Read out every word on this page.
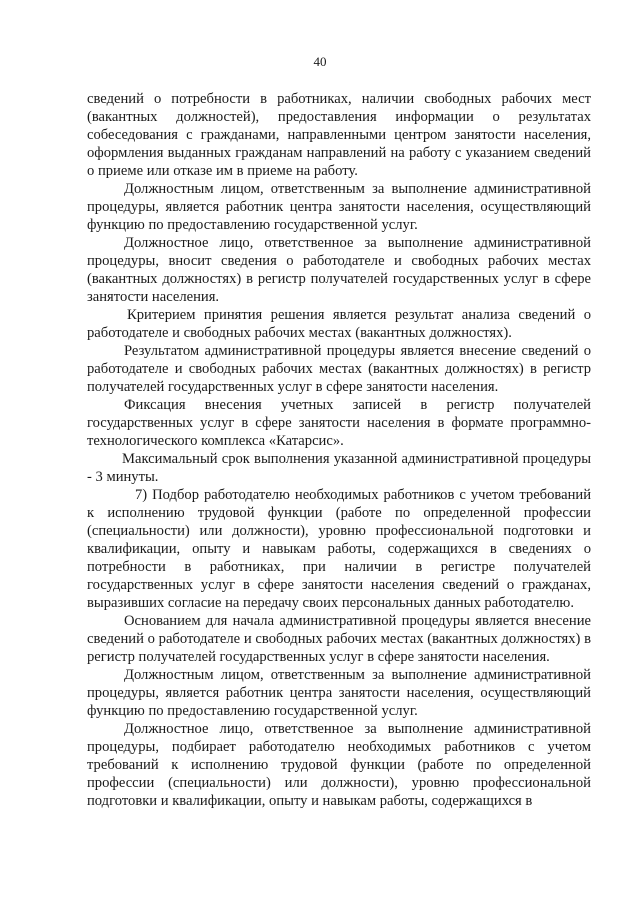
40

сведений о потребности в работниках, наличии свободных рабочих мест (вакантных должностей), предоставления информации о результатах собеседования с гражданами, направленными центром занятости населения, оформления выданных гражданам направлений на работу с указанием сведений о приеме или отказе им в приеме на работу.

Должностным лицом, ответственным за выполнение административной процедуры, является работник центра занятости населения, осуществляющий функцию по предоставлению государственной услуг.

Должностное лицо, ответственное за выполнение административной процедуры, вносит сведения о работодателе и свободных рабочих местах (вакантных должностях) в регистр получателей государственных услуг в сфере занятости населения.

Критерием принятия решения является результат анализа сведений о работодателе и свободных рабочих местах (вакантных должностях).

Результатом административной процедуры является внесение сведений о работодателе и свободных рабочих местах (вакантных должностях) в регистр получателей государственных услуг в сфере занятости населения.

Фиксация внесения учетных записей в регистр получателей государственных услуг в сфере занятости населения в формате программно-технологического комплекса «Катарсис».

Максимальный срок выполнения указанной административной процедуры - 3 минуты.

7) Подбор работодателю необходимых работников с учетом требований к исполнению трудовой функции (работе по определенной профессии (специальности) или должности), уровню профессиональной подготовки и квалификации, опыту и навыкам работы, содержащихся в сведениях о потребности в работниках, при наличии в регистре получателей государственных услуг в сфере занятости населения сведений о гражданах, выразивших согласие на передачу своих персональных данных работодателю.

Основанием для начала административной процедуры является внесение сведений о работодателе и свободных рабочих местах (вакантных должностях) в регистр получателей государственных услуг в сфере занятости населения.

Должностным лицом, ответственным за выполнение административной процедуры, является работник центра занятости населения, осуществляющий функцию по предоставлению государственной услуг.

Должностное лицо, ответственное за выполнение административной процедуры, подбирает работодателю необходимых работников с учетом требований к исполнению трудовой функции (работе по определенной профессии (специальности) или должности), уровню профессиональной подготовки и квалификации, опыту и навыкам работы, содержащихся в
